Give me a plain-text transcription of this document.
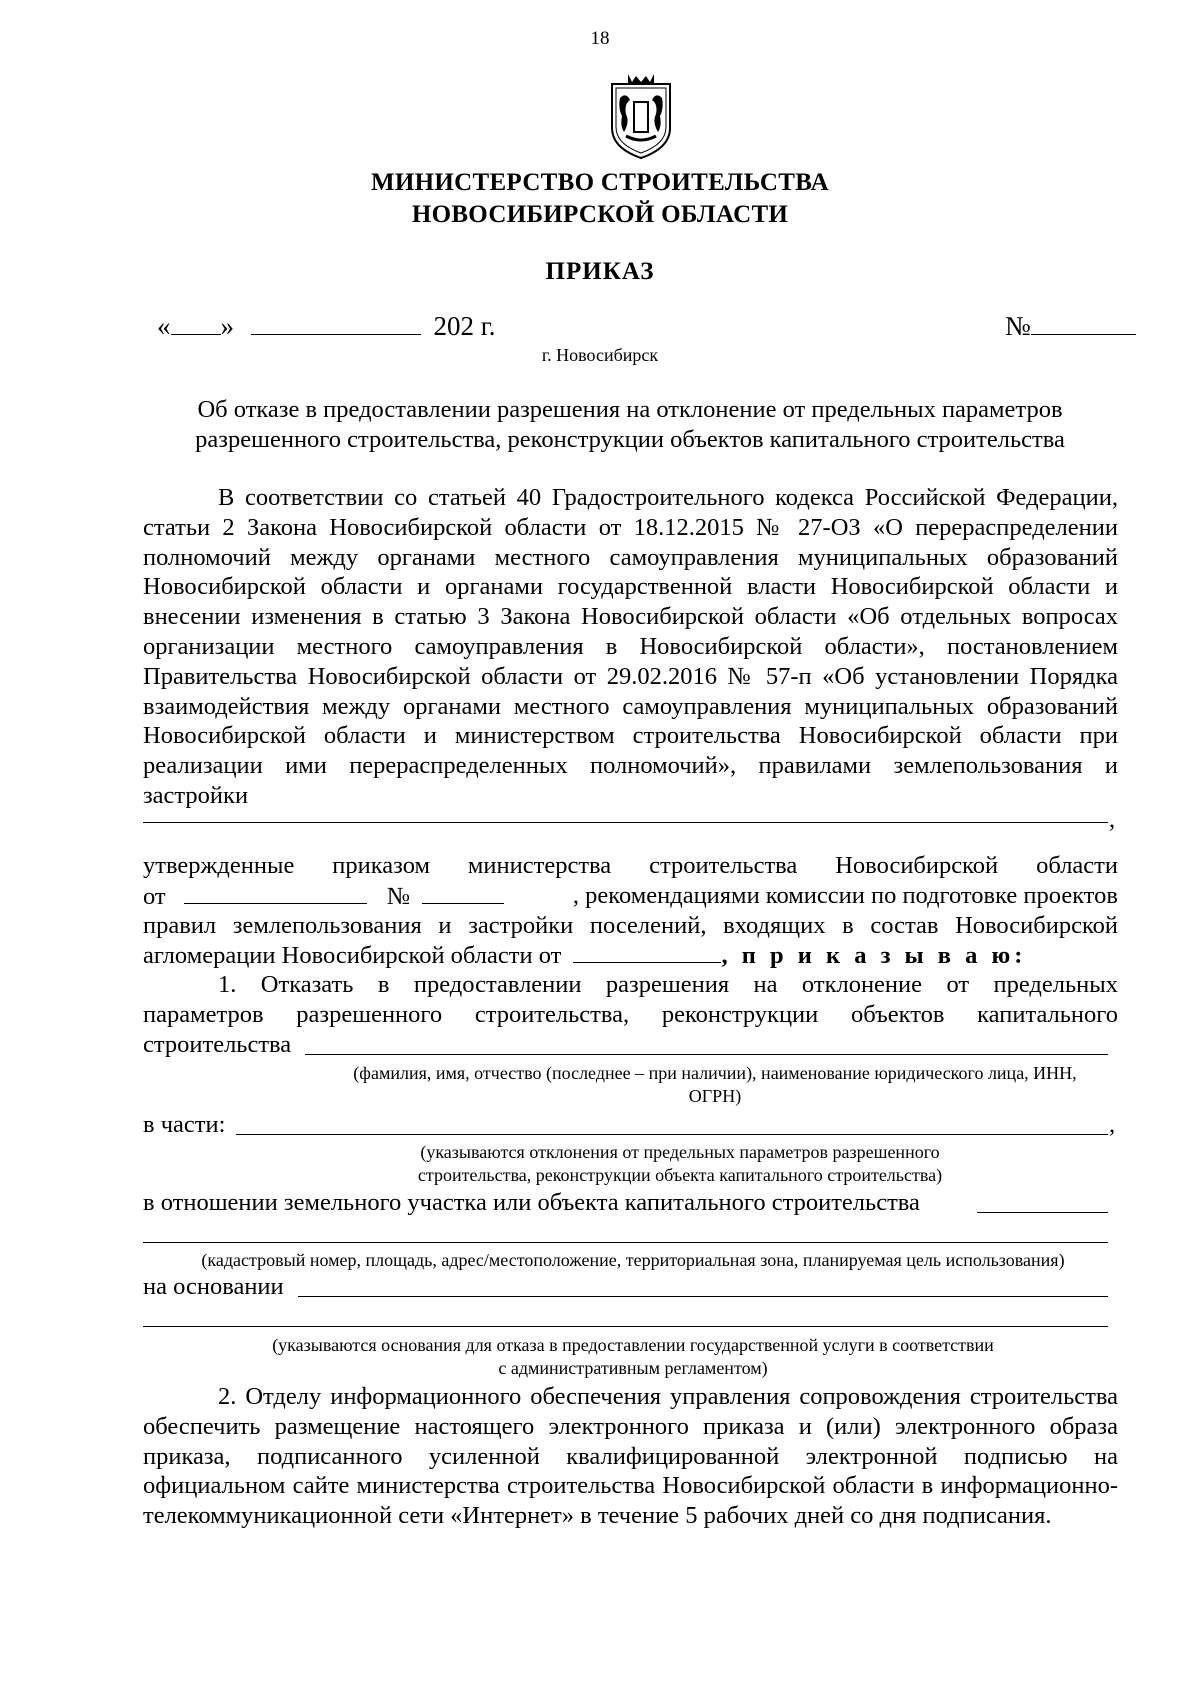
18
МИНИСТЕРСТВО СТРОИТЕЛЬСТВА
НОВОСИБИРСКОЙ ОБЛАСТИ
ПРИКАЗ
« »	202 г.	№
г. Новосибирск
Об отказе в предоставлении разрешения на отклонение от предельных параметров
разрешенного строительства, реконструкции объектов капитального строительства
В соответствии со статьей 40 Градостроительного кодекса Российской Федерации, статьи 2 Закона Новосибирской области от 18.12.2015 № 27-ОЗ «О перераспределении полномочий между органами местного самоуправления муниципальных образований Новосибирской области и органами государственной власти Новосибирской области и внесении изменения в статью 3 Закона Новосибирской области «Об отдельных вопросах организации местного самоуправления в Новосибирской области», постановлением Правительства Новосибирской области от 29.02.2016 № 57-п «Об установлении Порядка взаимодействия между органами местного самоуправления муниципальных образований Новосибирской области и министерством строительства Новосибирской области при реализации ими перераспределенных полномочий», правилами землепользования и застройки
,
утвержденные приказом министерства строительства Новосибирской области
от	№	, рекомендациями комиссии по подготовке проектов
правил землепользования и застройки поселений, входящих в состав Новосибирской
агломерации Новосибирской области от	, п р и к а з ы в а ю:
1. Отказать в предоставлении разрешения на отклонение от предельных
параметров разрешенного строительства, реконструкции объектов капитального
строительства
(фамилия, имя, отчество (последнее – при наличии), наименование юридического лица, ИНН,
ОГРН)
в части:	,
(указываются отклонения от предельных параметров разрешенного
строительства, реконструкции объекта капитального строительства)
в отношении земельного участка или объекта капитального строительства
(кадастровый номер, площадь, адрес/местоположение, территориальная зона, планируемая цель использования)
на основании
(указываются основания для отказа в предоставлении государственной услуги в соответствии
с административным регламентом)
2. Отделу информационного обеспечения управления сопровождения строительства обеспечить размещение настоящего электронного приказа и (или) электронного образа приказа, подписанного усиленной квалифицированной электронной подписью на официальном сайте министерства строительства Новосибирской области в информационно-телекоммуникационной сети «Интернет» в течение 5 рабочих дней со дня подписания.
